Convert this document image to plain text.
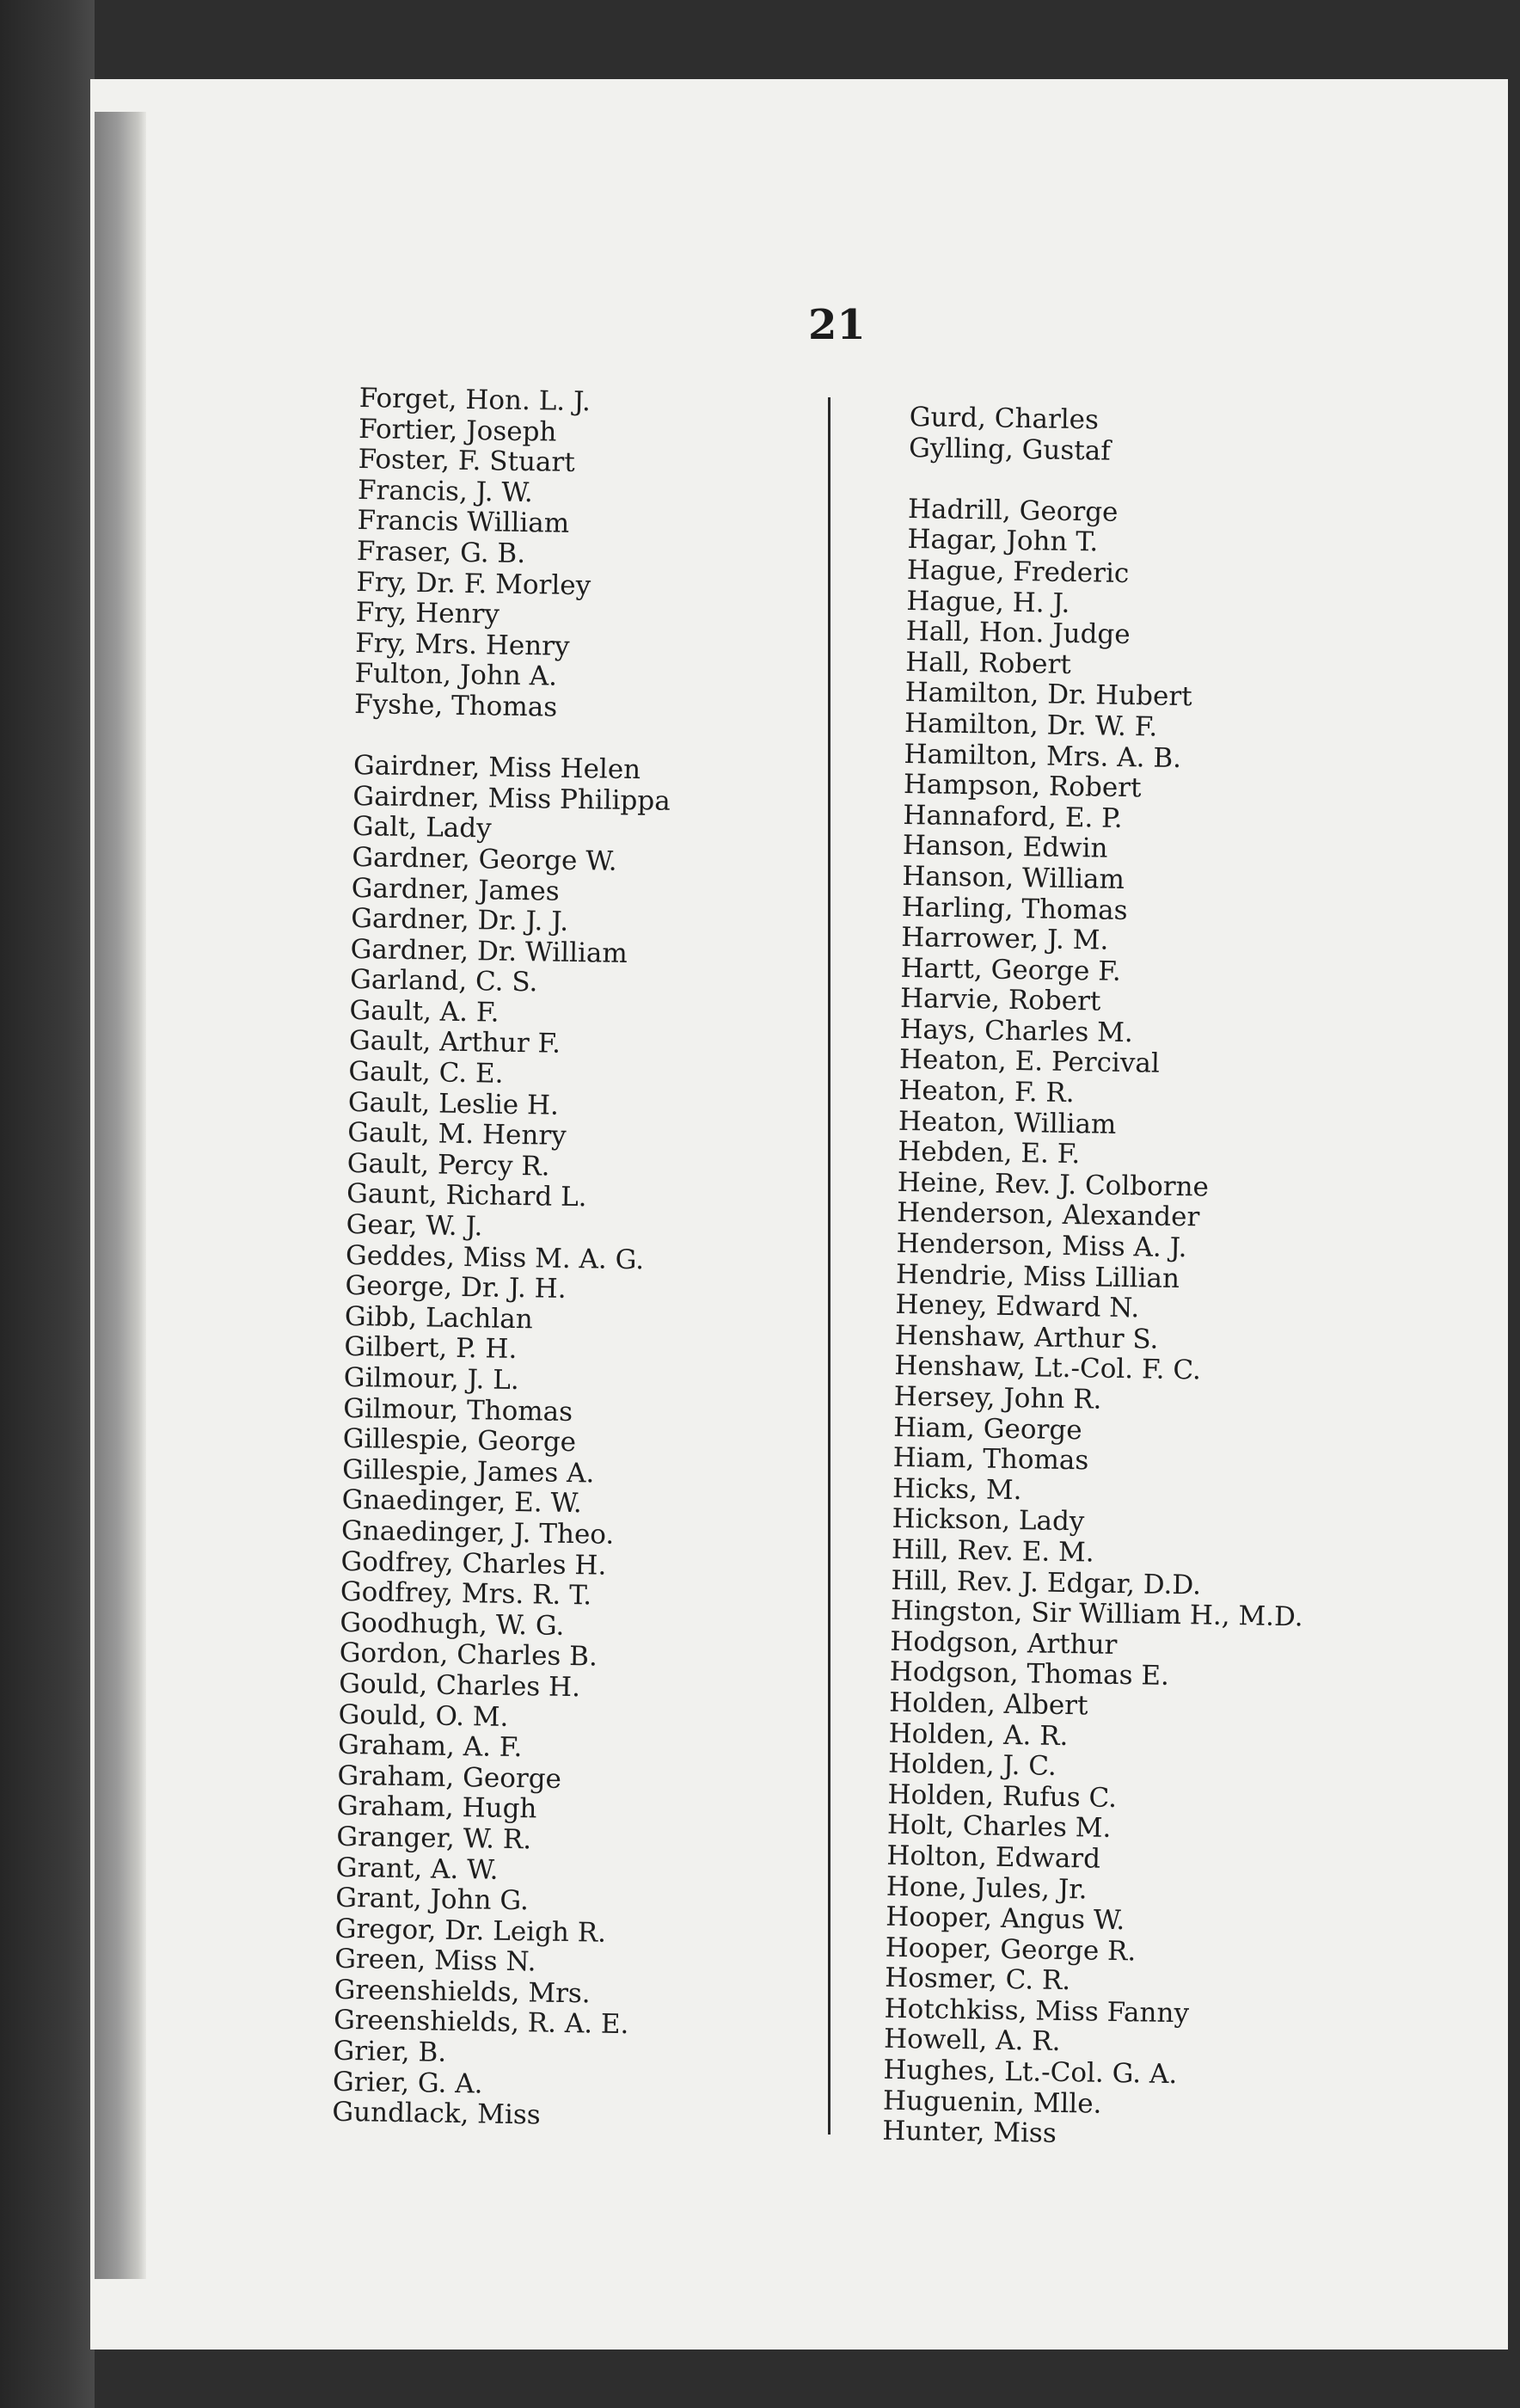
21
Forget, Hon. L. J.
Fortier, Joseph
Foster, F. Stuart
Francis, J. W.
Francis William
Fraser, G. B.
Fry, Dr. F. Morley
Fry, Henry
Fry, Mrs. Henry
Fulton, John A.
Fyshe, Thomas
Gairdner, Miss Helen
Gairdner, Miss Philippa
Galt, Lady
Gardner, George W.
Gardner, James
Gardner, Dr. J. J.
Gardner, Dr. William
Garland, C. S.
Gault, A. F.
Gault, Arthur F.
Gault, C. E.
Gault, Leslie H.
Gault, M. Henry
Gault, Percy R.
Gaunt, Richard L.
Gear, W. J.
Geddes, Miss M. A. G.
George, Dr. J. H.
Gibb, Lachlan
Gilbert, P. H.
Gilmour, J. L.
Gilmour, Thomas
Gillespie, George
Gillespie, James A.
Gnaedinger, E. W.
Gnaedinger, J. Theo.
Godfrey, Charles H.
Godfrey, Mrs. R. T.
Goodhugh, W. G.
Gordon, Charles B.
Gould, Charles H.
Gould, O. M.
Graham, A. F.
Graham, George
Graham, Hugh
Granger, W. R.
Grant, A. W.
Grant, John G.
Gregor, Dr. Leigh R.
Green, Miss N.
Greenshields, Mrs.
Greenshields, R. A. E.
Grier, B.
Grier, G. A.
Gundlack, Miss
Gurd, Charles
Gylling, Gustaf
Hadrill, George
Hagar, John T.
Hague, Frederic
Hague, H. J.
Hall, Hon. Judge
Hall, Robert
Hamilton, Dr. Hubert
Hamilton, Dr. W. F.
Hamilton, Mrs. A. B.
Hampson, Robert
Hannaford, E. P.
Hanson, Edwin
Hanson, William
Harling, Thomas
Harrower, J. M.
Hartt, George F.
Harvie, Robert
Hays, Charles M.
Heaton, E. Percival
Heaton, F. R.
Heaton, William
Hebden, E. F.
Heine, Rev. J. Colborne
Henderson, Alexander
Henderson, Miss A. J.
Hendrie, Miss Lillian
Heney, Edward N.
Henshaw, Arthur S.
Henshaw, Lt.-Col. F. C.
Hersey, John R.
Hiam, George
Hiam, Thomas
Hicks, M.
Hickson, Lady
Hill, Rev. E. M.
Hill, Rev. J. Edgar, D.D.
Hingston, Sir William H., M.D.
Hodgson, Arthur
Hodgson, Thomas E.
Holden, Albert
Holden, A. R.
Holden, J. C.
Holden, Rufus C.
Holt, Charles M.
Holton, Edward
Hone, Jules, Jr.
Hooper, Angus W.
Hooper, George R.
Hosmer, C. R.
Hotchkiss, Miss Fanny
Howell, A. R.
Hughes, Lt.-Col. G. A.
Huguenin, Mlle.
Hunter, Miss
